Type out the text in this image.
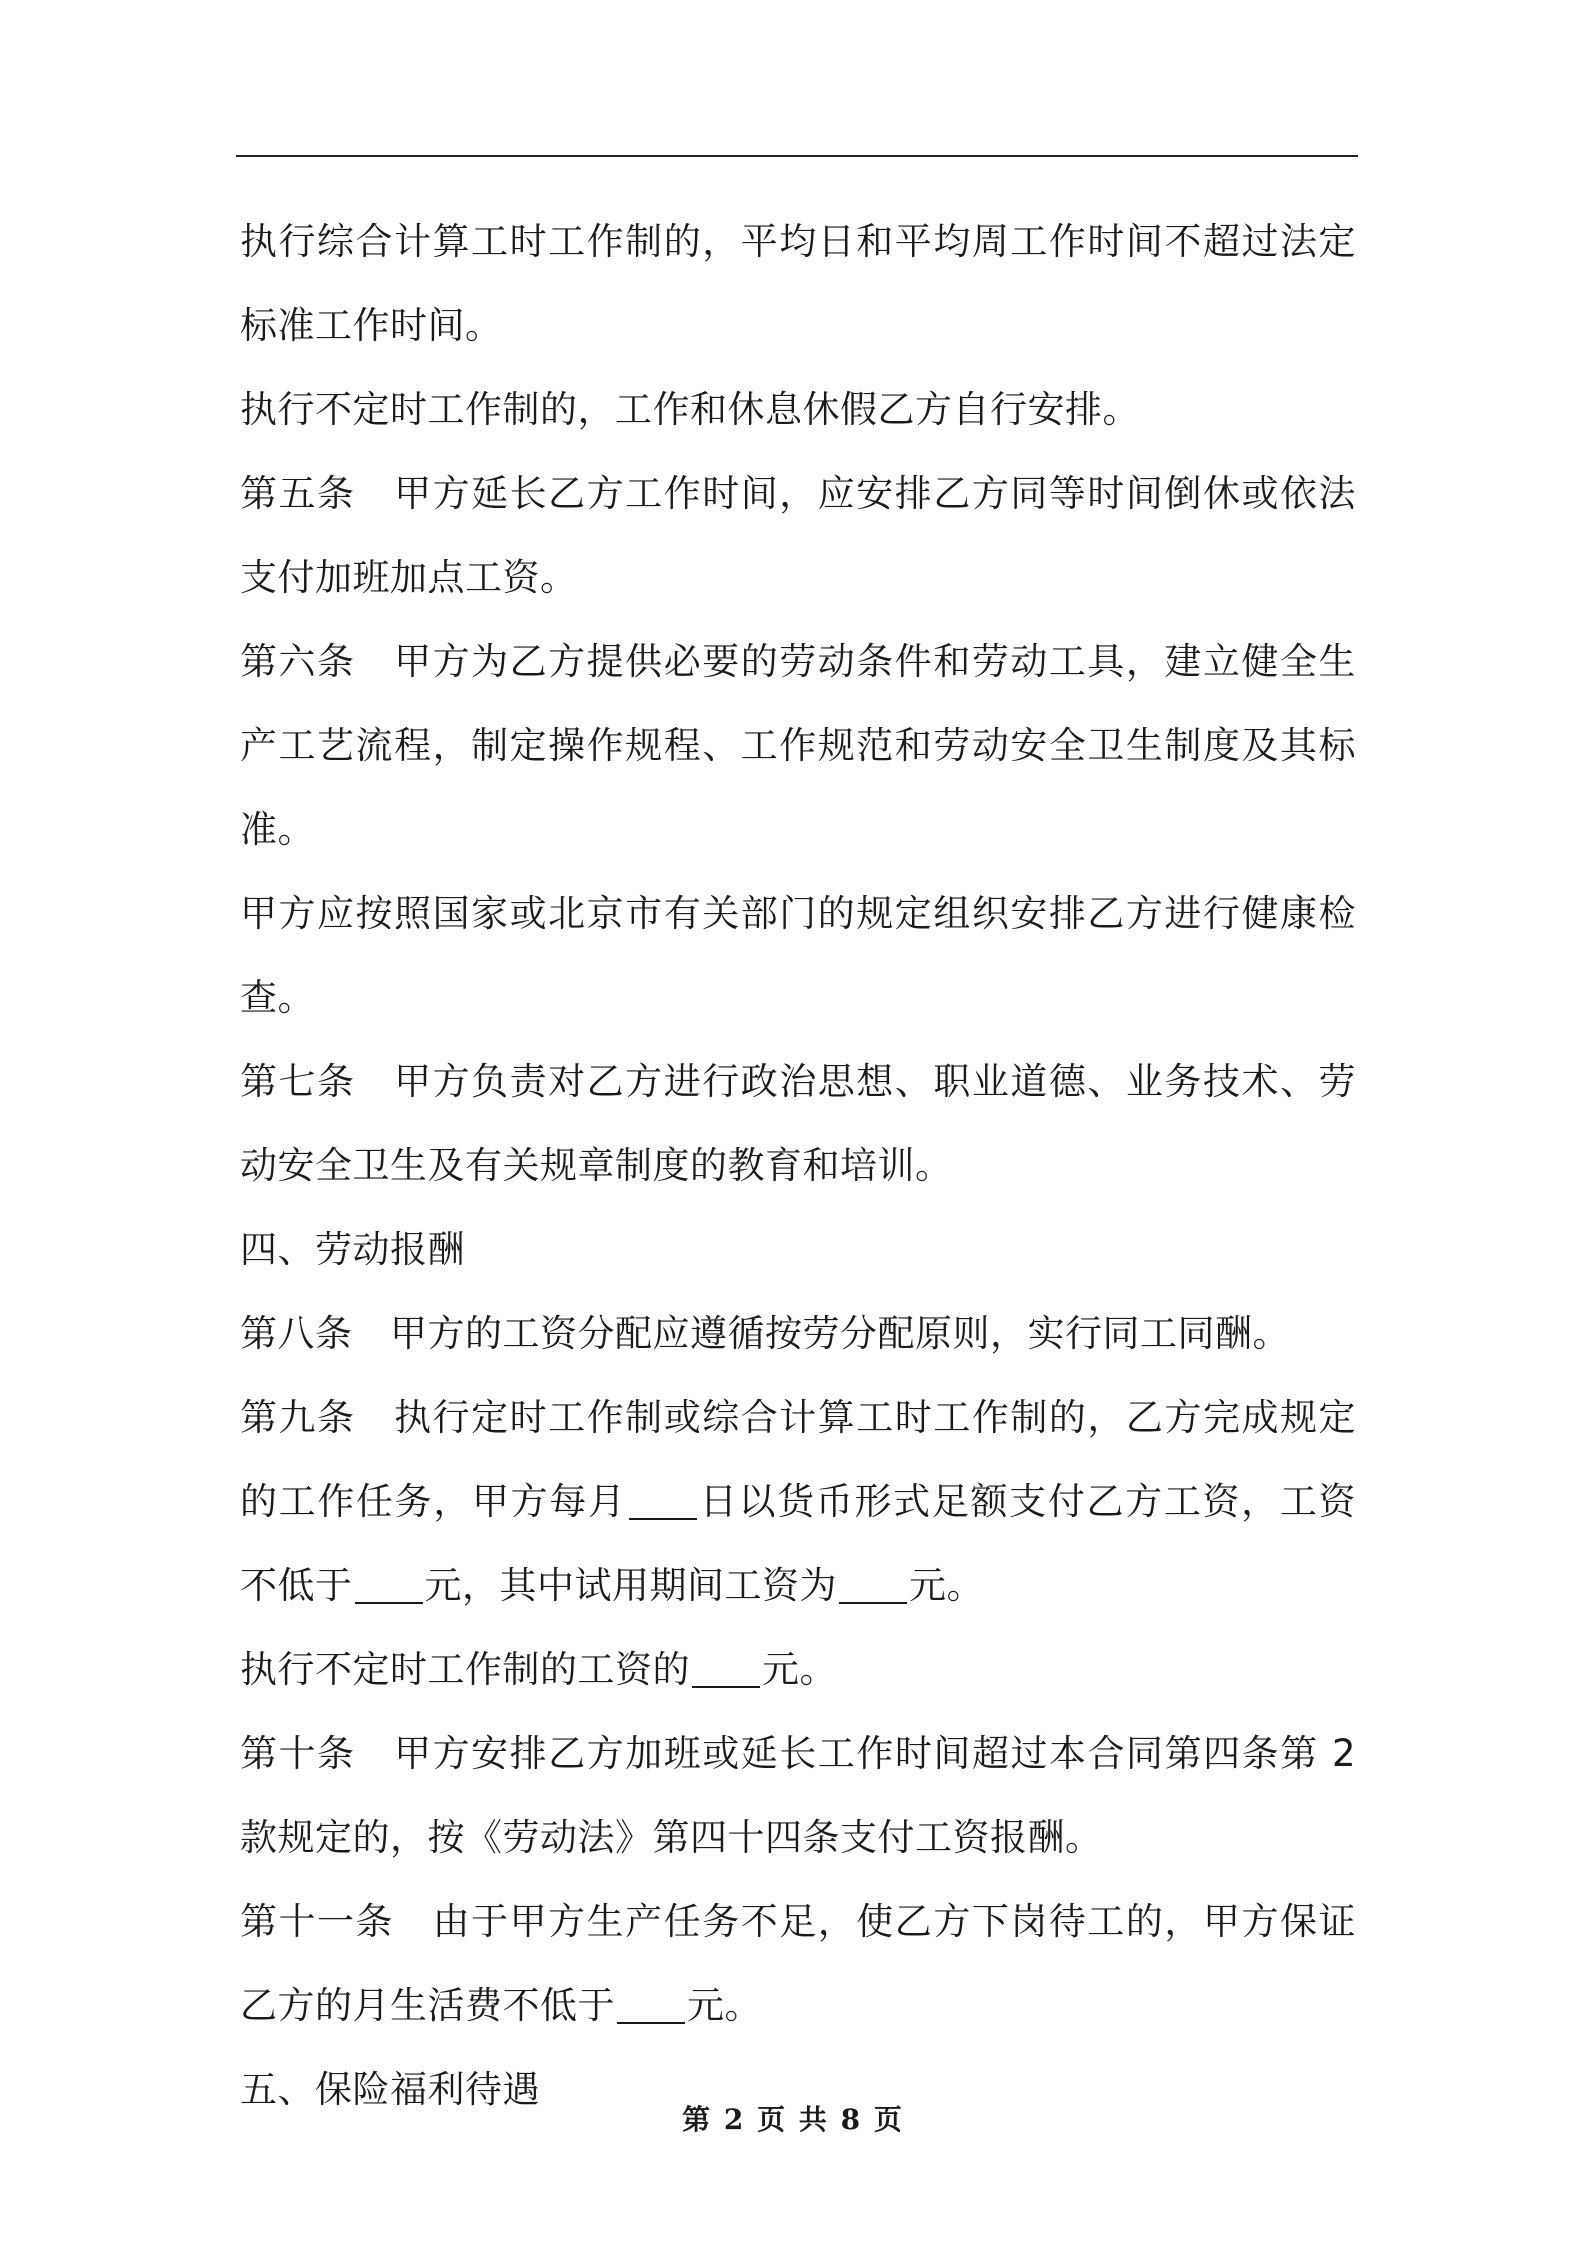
执行综合计算工时工作制的，平均日和平均周工作时间不超过法定标准工作时间。

执行不定时工作制的，工作和休息休假乙方自行安排。

第五条　甲方延长乙方工作时间，应安排乙方同等时间倒休或依法支付加班加点工资。

第六条　甲方为乙方提供必要的劳动条件和劳动工具，建立健全生产工艺流程，制定操作规程、工作规范和劳动安全卫生制度及其标准。

甲方应按照国家或北京市有关部门的规定组织安排乙方进行健康检查。

第七条　甲方负责对乙方进行政治思想、职业道德、业务技术、劳动安全卫生及有关规章制度的教育和培训。

四、劳动报酬

第八条　甲方的工资分配应遵循按劳分配原则，实行同工同酬。

第九条　执行定时工作制或综合计算工时工作制的，乙方完成规定的工作任务，甲方每月 日以货币形式足额支付乙方工资，工资不低于 元，其中试用期间工资为 元。

执行不定时工作制的工资的 元。

第十条　甲方安排乙方加班或延长工作时间超过本合同第四条第 2 款规定的，按《劳动法》第四十四条支付工资报酬。

第十一条　由于甲方生产任务不足，使乙方下岗待工的，甲方保证乙方的月生活费不低于 元。

五、保险福利待遇

第 2 页 共 8 页
